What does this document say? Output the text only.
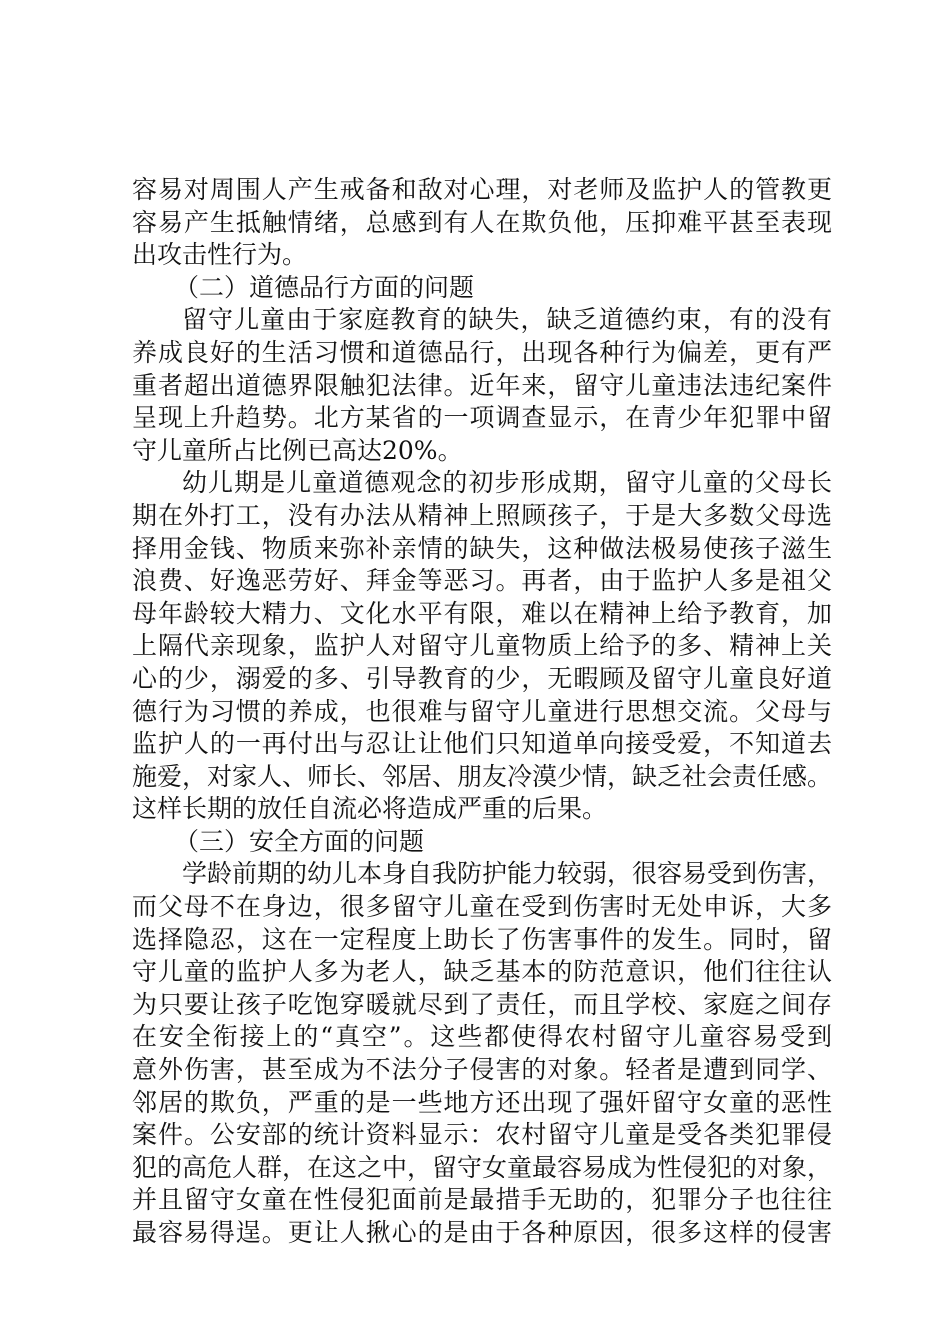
容易对周围人产生戒备和敌对心理，对老师及监护人的管教更
容易产生抵触情绪，总感到有人在欺负他，压抑难平甚至表现
出攻击性行为。
（二）道德品行方面的问题
留守儿童由于家庭教育的缺失，缺乏道德约束，有的没有
养成良好的生活习惯和道德品行，出现各种行为偏差，更有严
重者超出道德界限触犯法律。近年来，留守儿童违法违纪案件
呈现上升趋势。北方某省的一项调查显示，在青少年犯罪中留
守儿童所占比例已高达20%。
幼儿期是儿童道德观念的初步形成期，留守儿童的父母长
期在外打工，没有办法从精神上照顾孩子，于是大多数父母选
择用金钱、物质来弥补亲情的缺失，这种做法极易使孩子滋生
浪费、好逸恶劳好、拜金等恶习。再者，由于监护人多是祖父
母年龄较大精力、文化水平有限，难以在精神上给予教育，加
上隔代亲现象，监护人对留守儿童物质上给予的多、精神上关
心的少，溺爱的多、引导教育的少，无暇顾及留守儿童良好道
德行为习惯的养成，也很难与留守儿童进行思想交流。父母与
监护人的一再付出与忍让让他们只知道单向接受爱，不知道去
施爱，对家人、师长、邻居、朋友冷漠少情，缺乏社会责任感。
这样长期的放任自流必将造成严重的后果。
（三）安全方面的问题
学龄前期的幼儿本身自我防护能力较弱，很容易受到伤害，
而父母不在身边，很多留守儿童在受到伤害时无处申诉，大多
选择隐忍，这在一定程度上助长了伤害事件的发生。同时，留
守儿童的监护人多为老人，缺乏基本的防范意识，他们往往认
为只要让孩子吃饱穿暖就尽到了责任，而且学校、家庭之间存
在安全衔接上的“真空”。这些都使得农村留守儿童容易受到
意外伤害，甚至成为不法分子侵害的对象。轻者是遭到同学、
邻居的欺负，严重的是一些地方还出现了强奸留守女童的恶性
案件。公安部的统计资料显示：农村留守儿童是受各类犯罪侵
犯的高危人群，在这之中，留守女童最容易成为性侵犯的对象，
并且留守女童在性侵犯面前是最措手无助的，犯罪分子也往往
最容易得逞。更让人揪心的是由于各种原因，很多这样的侵害
